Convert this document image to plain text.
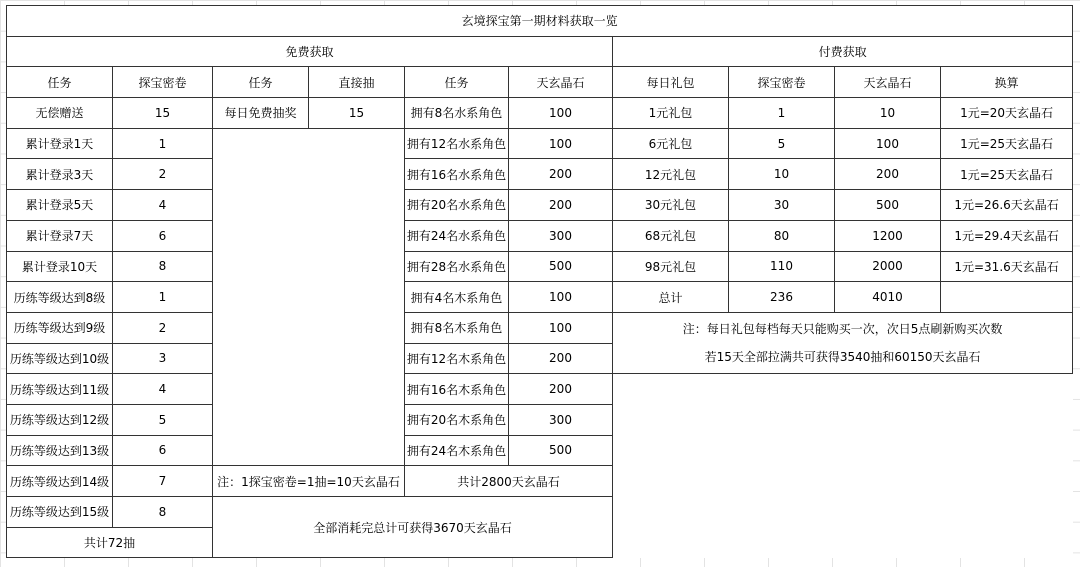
玄境探宝第一期材料获取一览									
免费获取						付费获取			
任务	探宝密卷	任务	直接抽	任务	天玄晶石	每日礼包	探宝密卷	天玄晶石	换算
无偿赠送	15	每日免费抽奖	15	拥有8名水系角色	100	1元礼包	1	10	1元=20天玄晶石
累计登录1天	1			拥有12名水系角色	100	6元礼包	5	100	1元=25天玄晶石
累计登录3天	2			拥有16名水系角色	200	12元礼包	10	200	1元=25天玄晶石
累计登录5天	4			拥有20名水系角色	200	30元礼包	30	500	1元=26.6天玄晶石
累计登录7天	6			拥有24名水系角色	300	68元礼包	80	1200	1元=29.4天玄晶石
累计登录10天	8			拥有28名水系角色	500	98元礼包	110	2000	1元=31.6天玄晶石
历练等级达到8级	1			拥有4名木系角色	100	总计	236	4010	
历练等级达到9级	2			拥有8名木系角色	100	注：每日礼包每档每天只能购买一次，次日5点刷新购买次数
若15天全部拉满共可获得3540抽和60150天玄晶石			

历练等级达到10级	3			拥有12名木系角色	200				
历练等级达到11级	4			拥有16名木系角色	200				
历练等级达到12级	5			拥有20名木系角色	300				
历练等级达到13级	6			拥有24名木系角色	500				
历练等级达到14级	7	注：1探宝密卷=1抽=10天玄晶石		共计2800天玄晶石					
历练等级达到15级	8	全部消耗完总计可获得3670天玄晶石							
共计72抽									
